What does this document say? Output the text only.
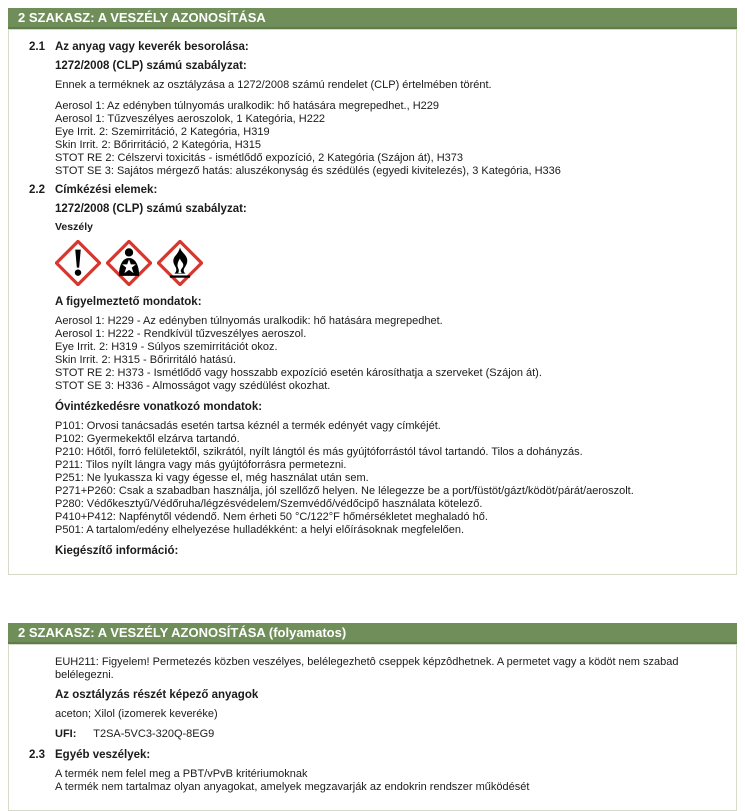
2 SZAKASZ: A VESZÉLY AZONOSÍTÁSA
2.1 Az anyag vagy keverék besorolása:
1272/2008 (CLP) számú szabályzat:
Ennek a terméknek az osztályzása a 1272/2008 számú rendelet (CLP) értelmében törént.
Aerosol 1: Az edényben túlnyomás uralkodik: hő hatására megrepedhet., H229
Aerosol 1: Tűzveszélyes aeroszolok, 1 Kategória, H222
Eye Irrit. 2: Szemirritáció, 2 Kategória, H319
Skin Irrit. 2: Bőrirritáció, 2 Kategória, H315
STOT RE 2: Célszervi toxicitás - ismétlődő expozíció, 2 Kategória (Szájon át), H373
STOT SE 3: Sajátos mérgező hatás: aluszékonyság és szédülés (egyedi kivitelezés), 3 Kategória, H336
2.2 Címkézési elemek:
1272/2008 (CLP) számú szabályzat:
Veszély
A figyelmeztető mondatok:
Aerosol 1: H229 - Az edényben túlnyomás uralkodik: hő hatására megrepedhet.
Aerosol 1: H222 - Rendkívül tűzveszélyes aeroszol.
Eye Irrit. 2: H319 - Súlyos szemirritációt okoz.
Skin Irrit. 2: H315 - Bőrirritáló hatású.
STOT RE 2: H373 - Ismétlődő vagy hosszabb expozíció esetén károsíthatja a szerveket (Szájon át).
STOT SE 3: H336 - Almosságot vagy szédülést okozhat.
Óvintézkedésre vonatkozó mondatok:
P101: Orvosi tanácsadás esetén tartsa kéznél a termék edényét vagy címkéjét.
P102: Gyermekektől elzárva tartandó.
P210: Hőtől, forró felületektől, szikrától, nyílt lángtól és más gyújtóforrástól távol tartandó. Tilos a dohányzás.
P211: Tilos nyílt lángra vagy más gyújtóforrásra permetezni.
P251: Ne lyukassza ki vagy égesse el, még használat után sem.
P271+P260: Csak a szabadban használja, jól szellőző helyen. Ne lélegezze be a port/füstöt/gázt/ködöt/párát/aeroszolt.
P280: Védőkesztyű/Védőruha/légzésvédelem/Szemvédő/védőcipő használata kötelező.
P410+P412: Napfénytől védendő. Nem érheti 50 °C/122°F hőmérsékletet meghaladó hő.
P501: A tartalom/edény elhelyezése hulladékként: a helyi előírásoknak megfelelően.
Kiegészítő információ:
2 SZAKASZ: A VESZÉLY AZONOSÍTÁSA (folyamatos)
EUH211: Figyelem! Permetezés közben veszélyes, belélegezhetô cseppek képzôdhetnek. A permetet vagy a ködöt nem szabad belélegezni.
Az osztályzás részét képező anyagok
aceton; Xilol (izomerek keveréke)
UFI: T2SA-5VC3-320Q-8EG9
2.3 Egyéb veszélyek:
A termék nem felel meg a PBT/vPvB kritériumoknak
A termék nem tartalmaz olyan anyagokat, amelyek megzavarják az endokrin rendszer működését
